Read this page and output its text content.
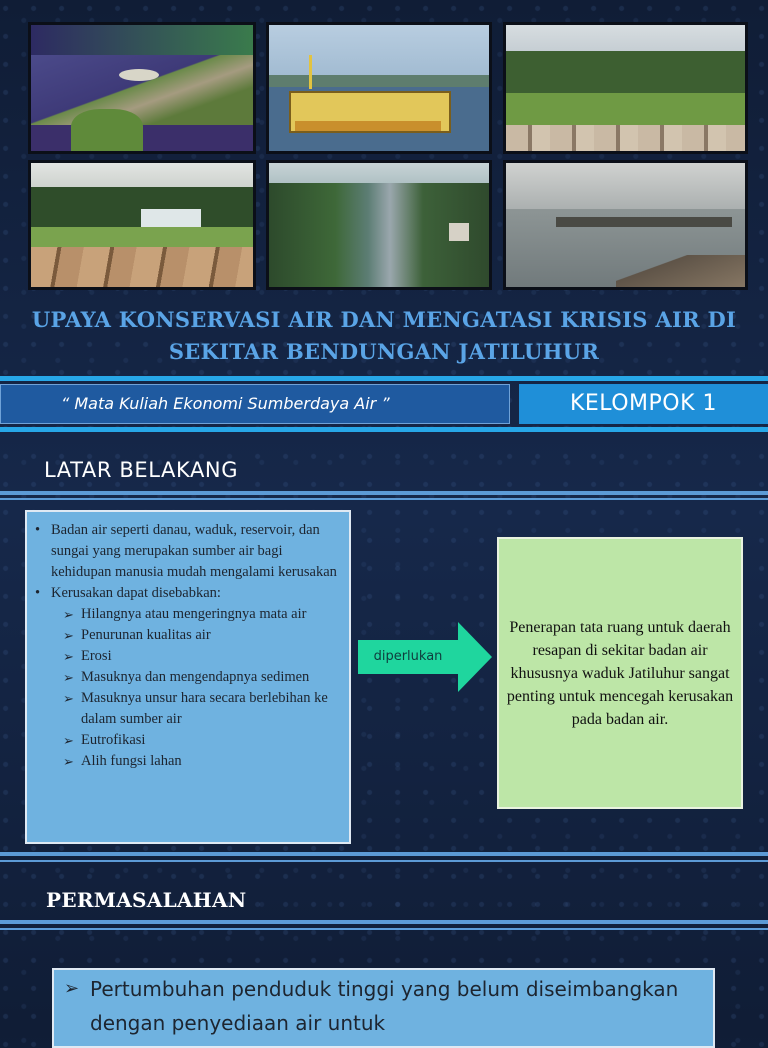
UPAYA KONSERVASI AIR DAN MENGATASI KRISIS AIR DI
SEKITAR BENDUNGAN JATILUHUR
“ Mata Kuliah Ekonomi Sumberdaya Air ”	KELOMPOK 1
LATAR BELAKANG
• Badan air seperti danau, waduk, reservoir, dan sungai yang merupakan sumber air bagi kehidupan manusia mudah mengalami kerusakan
• Kerusakan dapat disebabkan:
➢ Hilangnya atau mengeringnya mata air
➢ Penurunan kualitas air
➢ Erosi
➢ Masuknya dan mengendapnya sedimen
➢ Masuknya unsur hara secara berlebihan ke dalam sumber air
➢ Eutrofikasi
➢ Alih fungsi lahan
diperlukan
Penerapan tata ruang untuk daerah resapan di sekitar badan air khususnya waduk Jatiluhur sangat penting untuk mencegah kerusakan pada badan air.
PERMASALAHAN
➢ Pertumbuhan penduduk tinggi yang belum diseimbangkan dengan penyediaan air untuk
